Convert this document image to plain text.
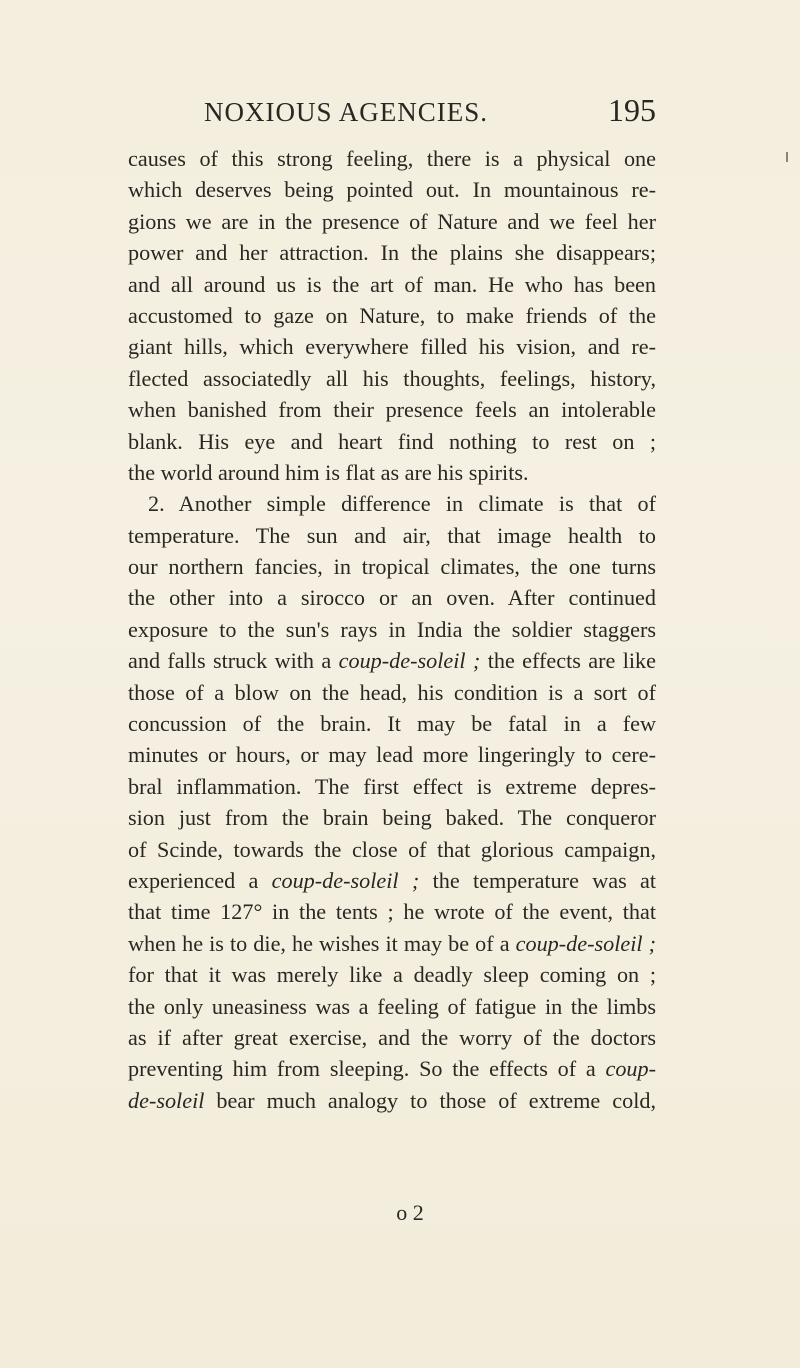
NOXIOUS AGENCIES.	195
causes of this strong feeling, there is a physical one
which deserves being pointed out. In mountainous re-
gions we are in the presence of Nature and we feel her
power and her attraction. In the plains she disappears;
and all around us is the art of man. He who has been
accustomed to gaze on Nature, to make friends of the
giant hills, which everywhere filled his vision, and re-
flected associatedly all his thoughts, feelings, history,
when banished from their presence feels an intolerable
blank. His eye and heart find nothing to rest on ;
the world around him is flat as are his spirits.
2. Another simple difference in climate is that of
temperature. The sun and air, that image health to
our northern fancies, in tropical climates, the one turns
the other into a sirocco or an oven. After continued
exposure to the sun's rays in India the soldier staggers
and falls struck with a coup-de-soleil ; the effects are like
those of a blow on the head, his condition is a sort of
concussion of the brain. It may be fatal in a few
minutes or hours, or may lead more lingeringly to cere-
bral inflammation. The first effect is extreme depres-
sion just from the brain being baked. The conqueror
of Scinde, towards the close of that glorious campaign,
experienced a coup-de-soleil ; the temperature was at
that time 127° in the tents ; he wrote of the event, that
when he is to die, he wishes it may be of a coup-de-soleil ;
for that it was merely like a deadly sleep coming on ;
the only uneasiness was a feeling of fatigue in the limbs
as if after great exercise, and the worry of the doctors
preventing him from sleeping. So the effects of a coup-
de-soleil bear much analogy to those of extreme cold,
o 2
